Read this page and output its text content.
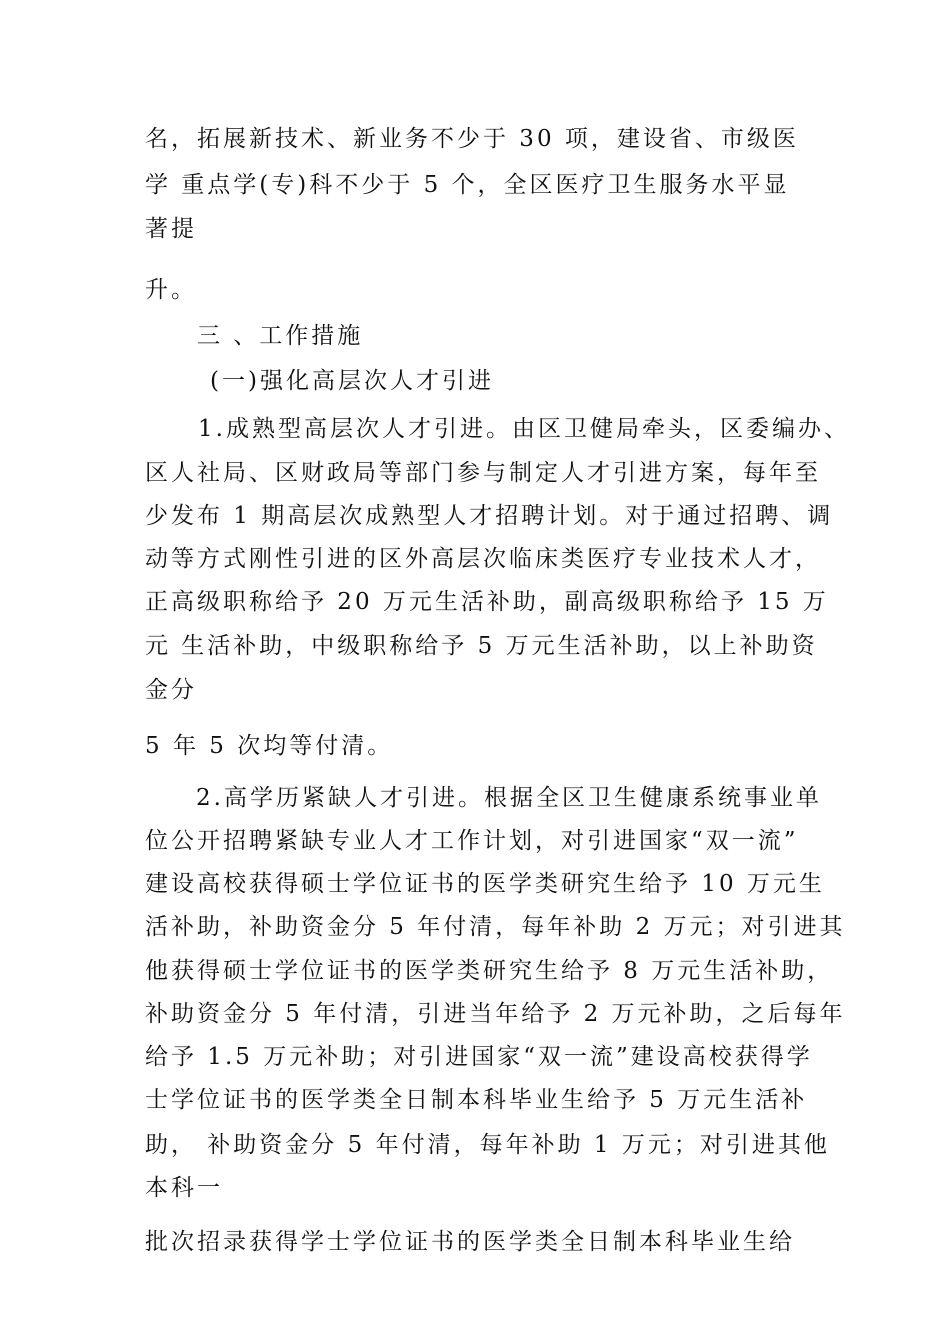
名，拓展新技术、新业务不少于 30 项，建设省、市级医
学 重点学(专)科不少于 5 个，全区医疗卫生服务水平显
著提
升。
三 、工作措施
(一)强化高层次人才引进
1.成熟型高层次人才引进。由区卫健局牵头，区委编办、
区人社局、区财政局等部门参与制定人才引进方案，每年至
少发布 1 期高层次成熟型人才招聘计划。对于通过招聘、调
动等方式刚性引进的区外高层次临床类医疗专业技术人才，
正高级职称给予 20 万元生活补助，副高级职称给予 15 万
元 生活补助，中级职称给予 5 万元生活补助，以上补助资
金分
5 年 5 次均等付清。
2.高学历紧缺人才引进。根据全区卫生健康系统事业单
位公开招聘紧缺专业人才工作计划，对引进国家“双一流”
建设高校获得硕士学位证书的医学类研究生给予 10 万元生
活补助，补助资金分 5 年付清，每年补助 2 万元；对引进其
他获得硕士学位证书的医学类研究生给予 8 万元生活补助，
补助资金分 5 年付清，引进当年给予 2 万元补助，之后每年
给予 1.5 万元补助；对引进国家“双一流”建设高校获得学
士学位证书的医学类全日制本科毕业生给予 5 万元生活补
助， 补助资金分 5 年付清，每年补助 1 万元；对引进其他
本科一
批次招录获得学士学位证书的医学类全日制本科毕业生给
